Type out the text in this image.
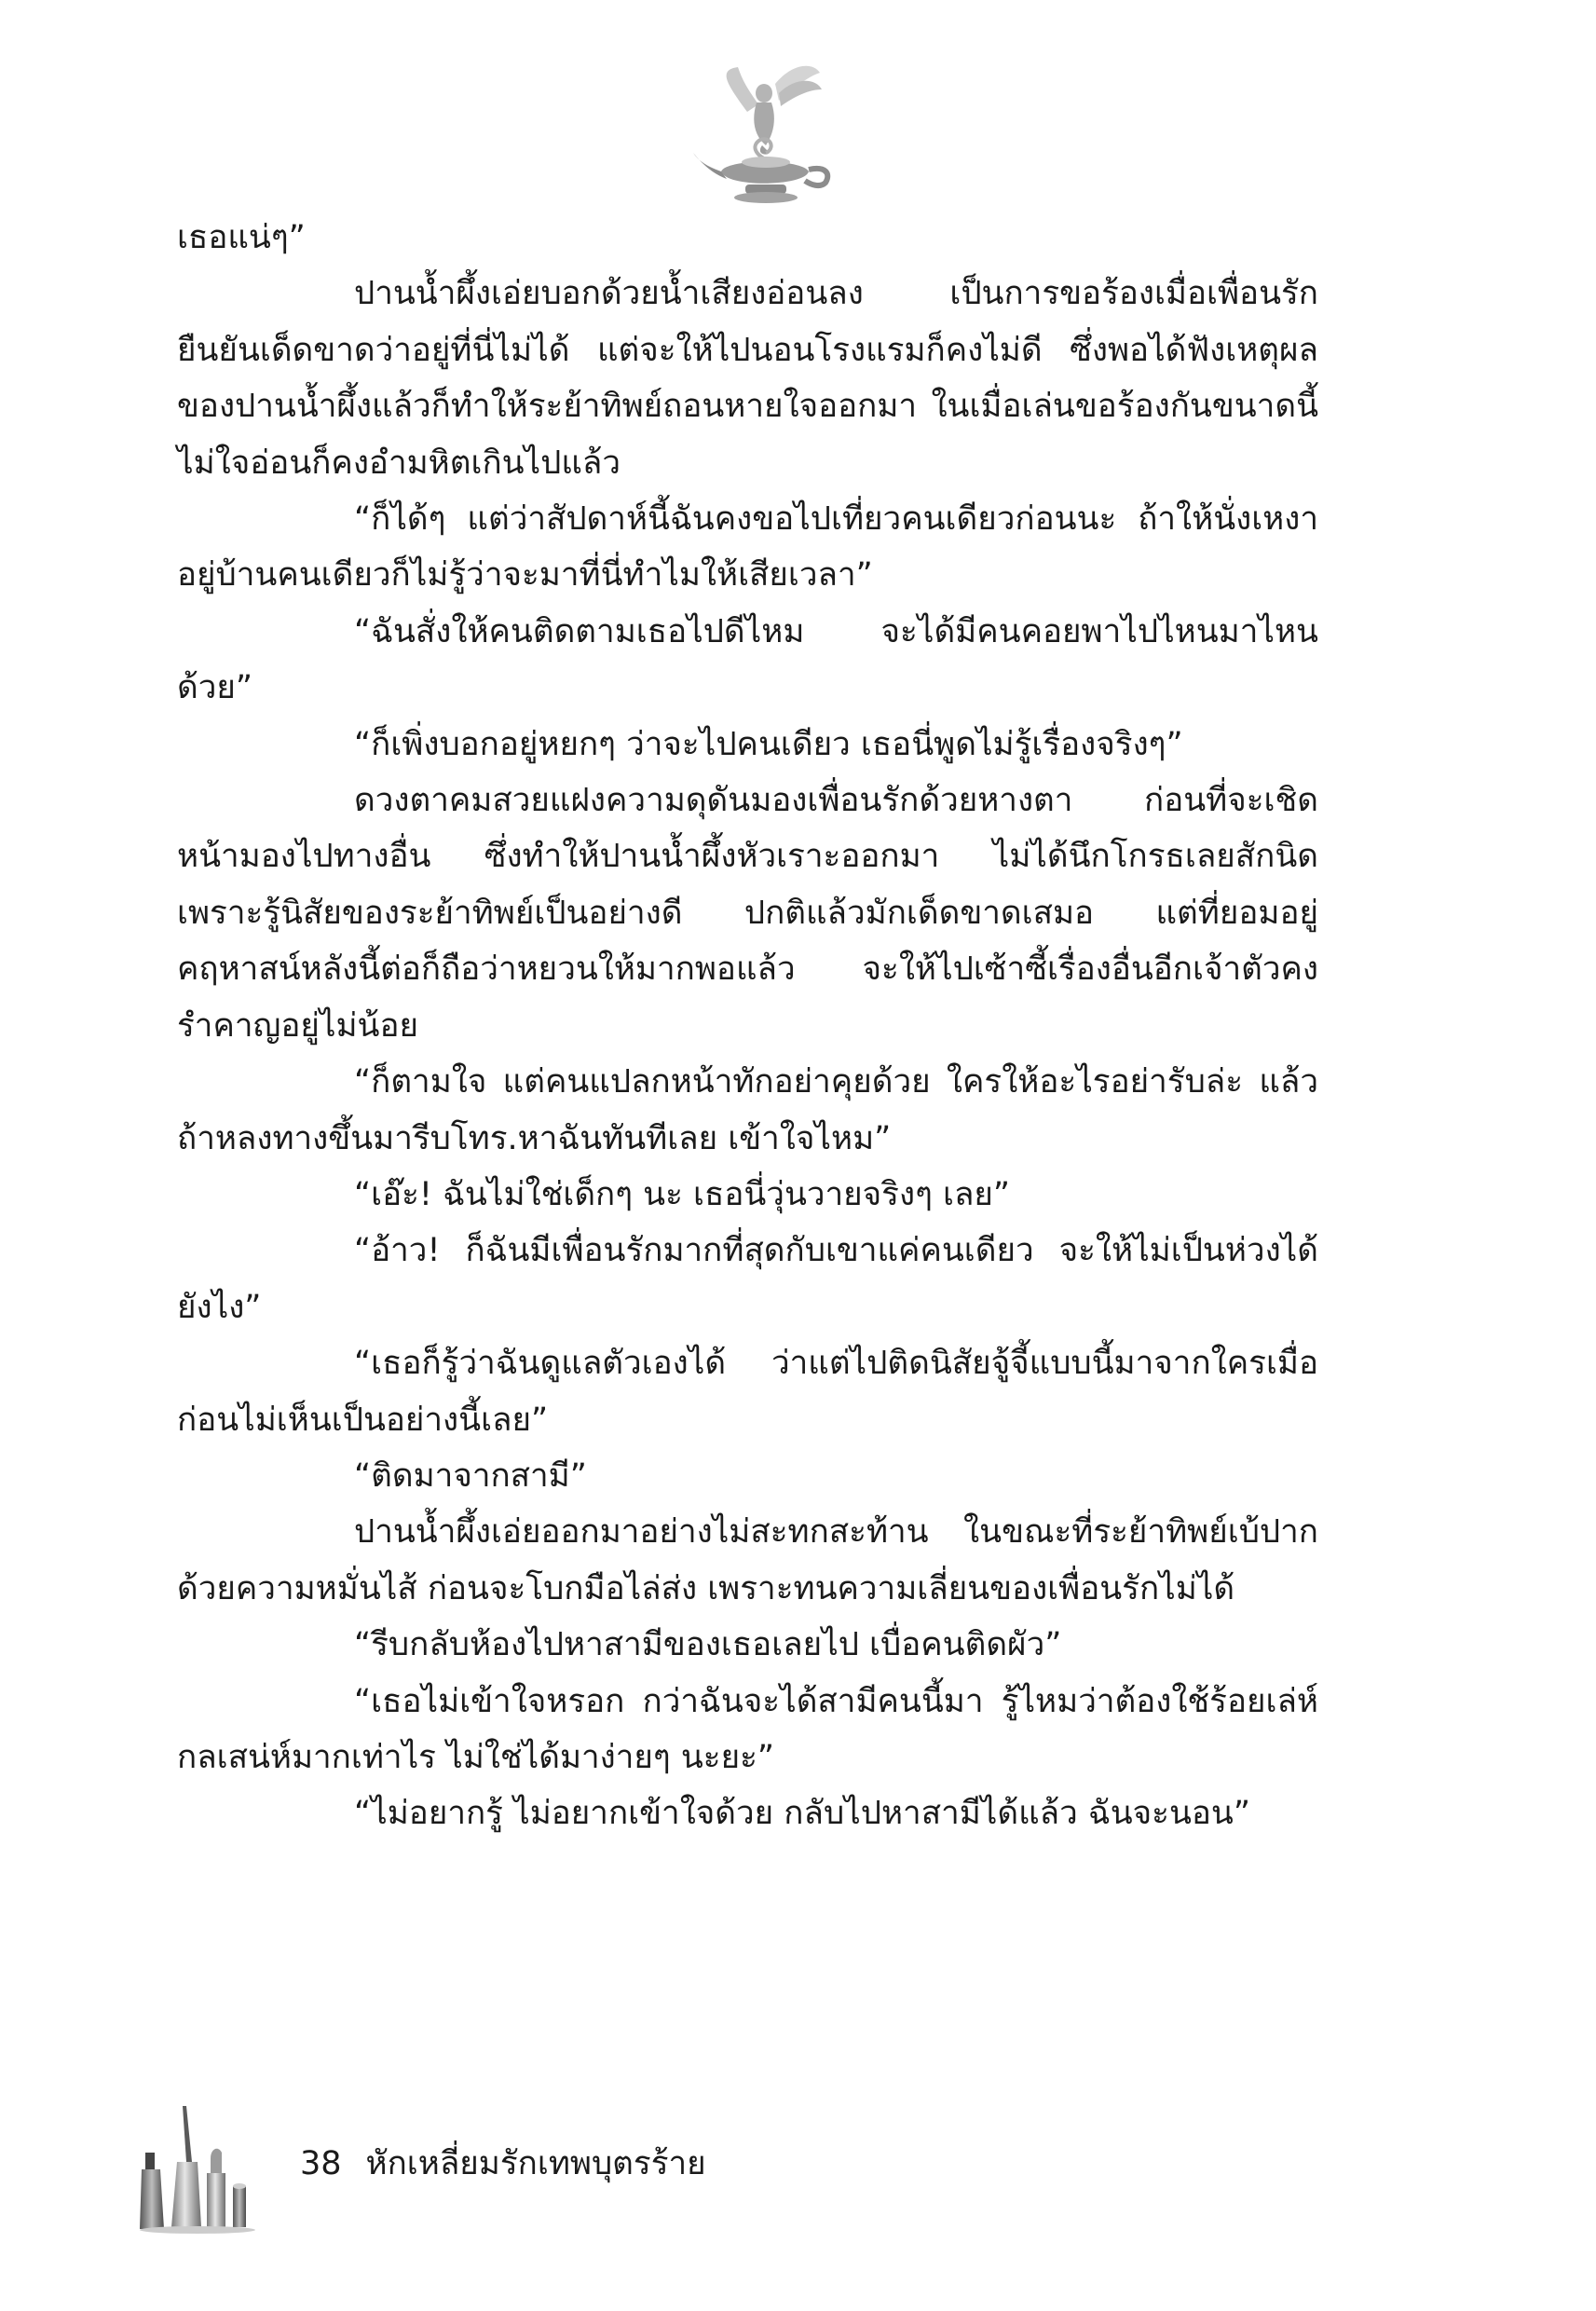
เธอแน่ๆ”

ปานน้ำผึ้งเอ่ยบอกด้วยน้ำเสียงอ่อนลง เป็นการขอร้องเมื่อเพื่อนรักยืนยันเด็ดขาดว่าอยู่ที่นี่ไม่ได้ แต่จะให้ไปนอนโรงแรมก็คงไม่ดี ซึ่งพอได้ฟังเหตุผลของปานน้ำผึ้งแล้วก็ทำให้ระย้าทิพย์ถอนหายใจออกมา ในเมื่อเล่นขอร้องกันขนาดนี้ ไม่ใจอ่อนก็คงอำมหิตเกินไปแล้ว

“ก็ได้ๆ แต่ว่าสัปดาห์นี้ฉันคงขอไปเที่ยวคนเดียวก่อนนะ ถ้าให้นั่งเหงาอยู่บ้านคนเดียวก็ไม่รู้ว่าจะมาที่นี่ทำไมให้เสียเวลา”

“ฉันสั่งให้คนติดตามเธอไปดีไหม จะได้มีคนคอยพาไปไหนมาไหนด้วย”

“ก็เพิ่งบอกอยู่หยกๆ ว่าจะไปคนเดียว เธอนี่พูดไม่รู้เรื่องจริงๆ”

ดวงตาคมสวยแฝงความดุดันมองเพื่อนรักด้วยหางตา ก่อนที่จะเชิดหน้ามองไปทางอื่น ซึ่งทำให้ปานน้ำผึ้งหัวเราะออกมา ไม่ได้นึกโกรธเลยสักนิด เพราะรู้นิสัยของระย้าทิพย์เป็นอย่างดี ปกติแล้วมักเด็ดขาดเสมอ แต่ที่ยอมอยู่คฤหาสน์หลังนี้ต่อก็ถือว่าหยวนให้มากพอแล้ว จะให้ไปเซ้าซี้เรื่องอื่นอีกเจ้าตัวคงรำคาญอยู่ไม่น้อย

“ก็ตามใจ แต่คนแปลกหน้าทักอย่าคุยด้วย ใครให้อะไรอย่ารับล่ะ แล้วถ้าหลงทางขึ้นมารีบโทร.หาฉันทันทีเลย เข้าใจไหม”

“เอ๊ะ! ฉันไม่ใช่เด็กๆ นะ เธอนี่วุ่นวายจริงๆ เลย”

“อ้าว! ก็ฉันมีเพื่อนรักมากที่สุดกับเขาแค่คนเดียว จะให้ไม่เป็นห่วงได้ยังไง”

“เธอก็รู้ว่าฉันดูแลตัวเองได้ ว่าแต่ไปติดนิสัยจู้จี้แบบนี้มาจากใครเมื่อก่อนไม่เห็นเป็นอย่างนี้เลย”

“ติดมาจากสามี”

ปานน้ำผึ้งเอ่ยออกมาอย่างไม่สะทกสะท้าน ในขณะที่ระย้าทิพย์เบ้ปากด้วยความหมั่นไส้ ก่อนจะโบกมือไล่ส่ง เพราะทนความเลี่ยนของเพื่อนรักไม่ได้

“รีบกลับห้องไปหาสามีของเธอเลยไป เบื่อคนติดผัว”

“เธอไม่เข้าใจหรอก กว่าฉันจะได้สามีคนนี้มา รู้ไหมว่าต้องใช้ร้อยเล่ห์กลเสน่ห์มากเท่าไร ไม่ใช่ได้มาง่ายๆ นะยะ”

“ไม่อยากรู้ ไม่อยากเข้าใจด้วย กลับไปหาสามีได้แล้ว ฉันจะนอน”

38 หักเหลี่ยมรักเทพบุตรร้าย
